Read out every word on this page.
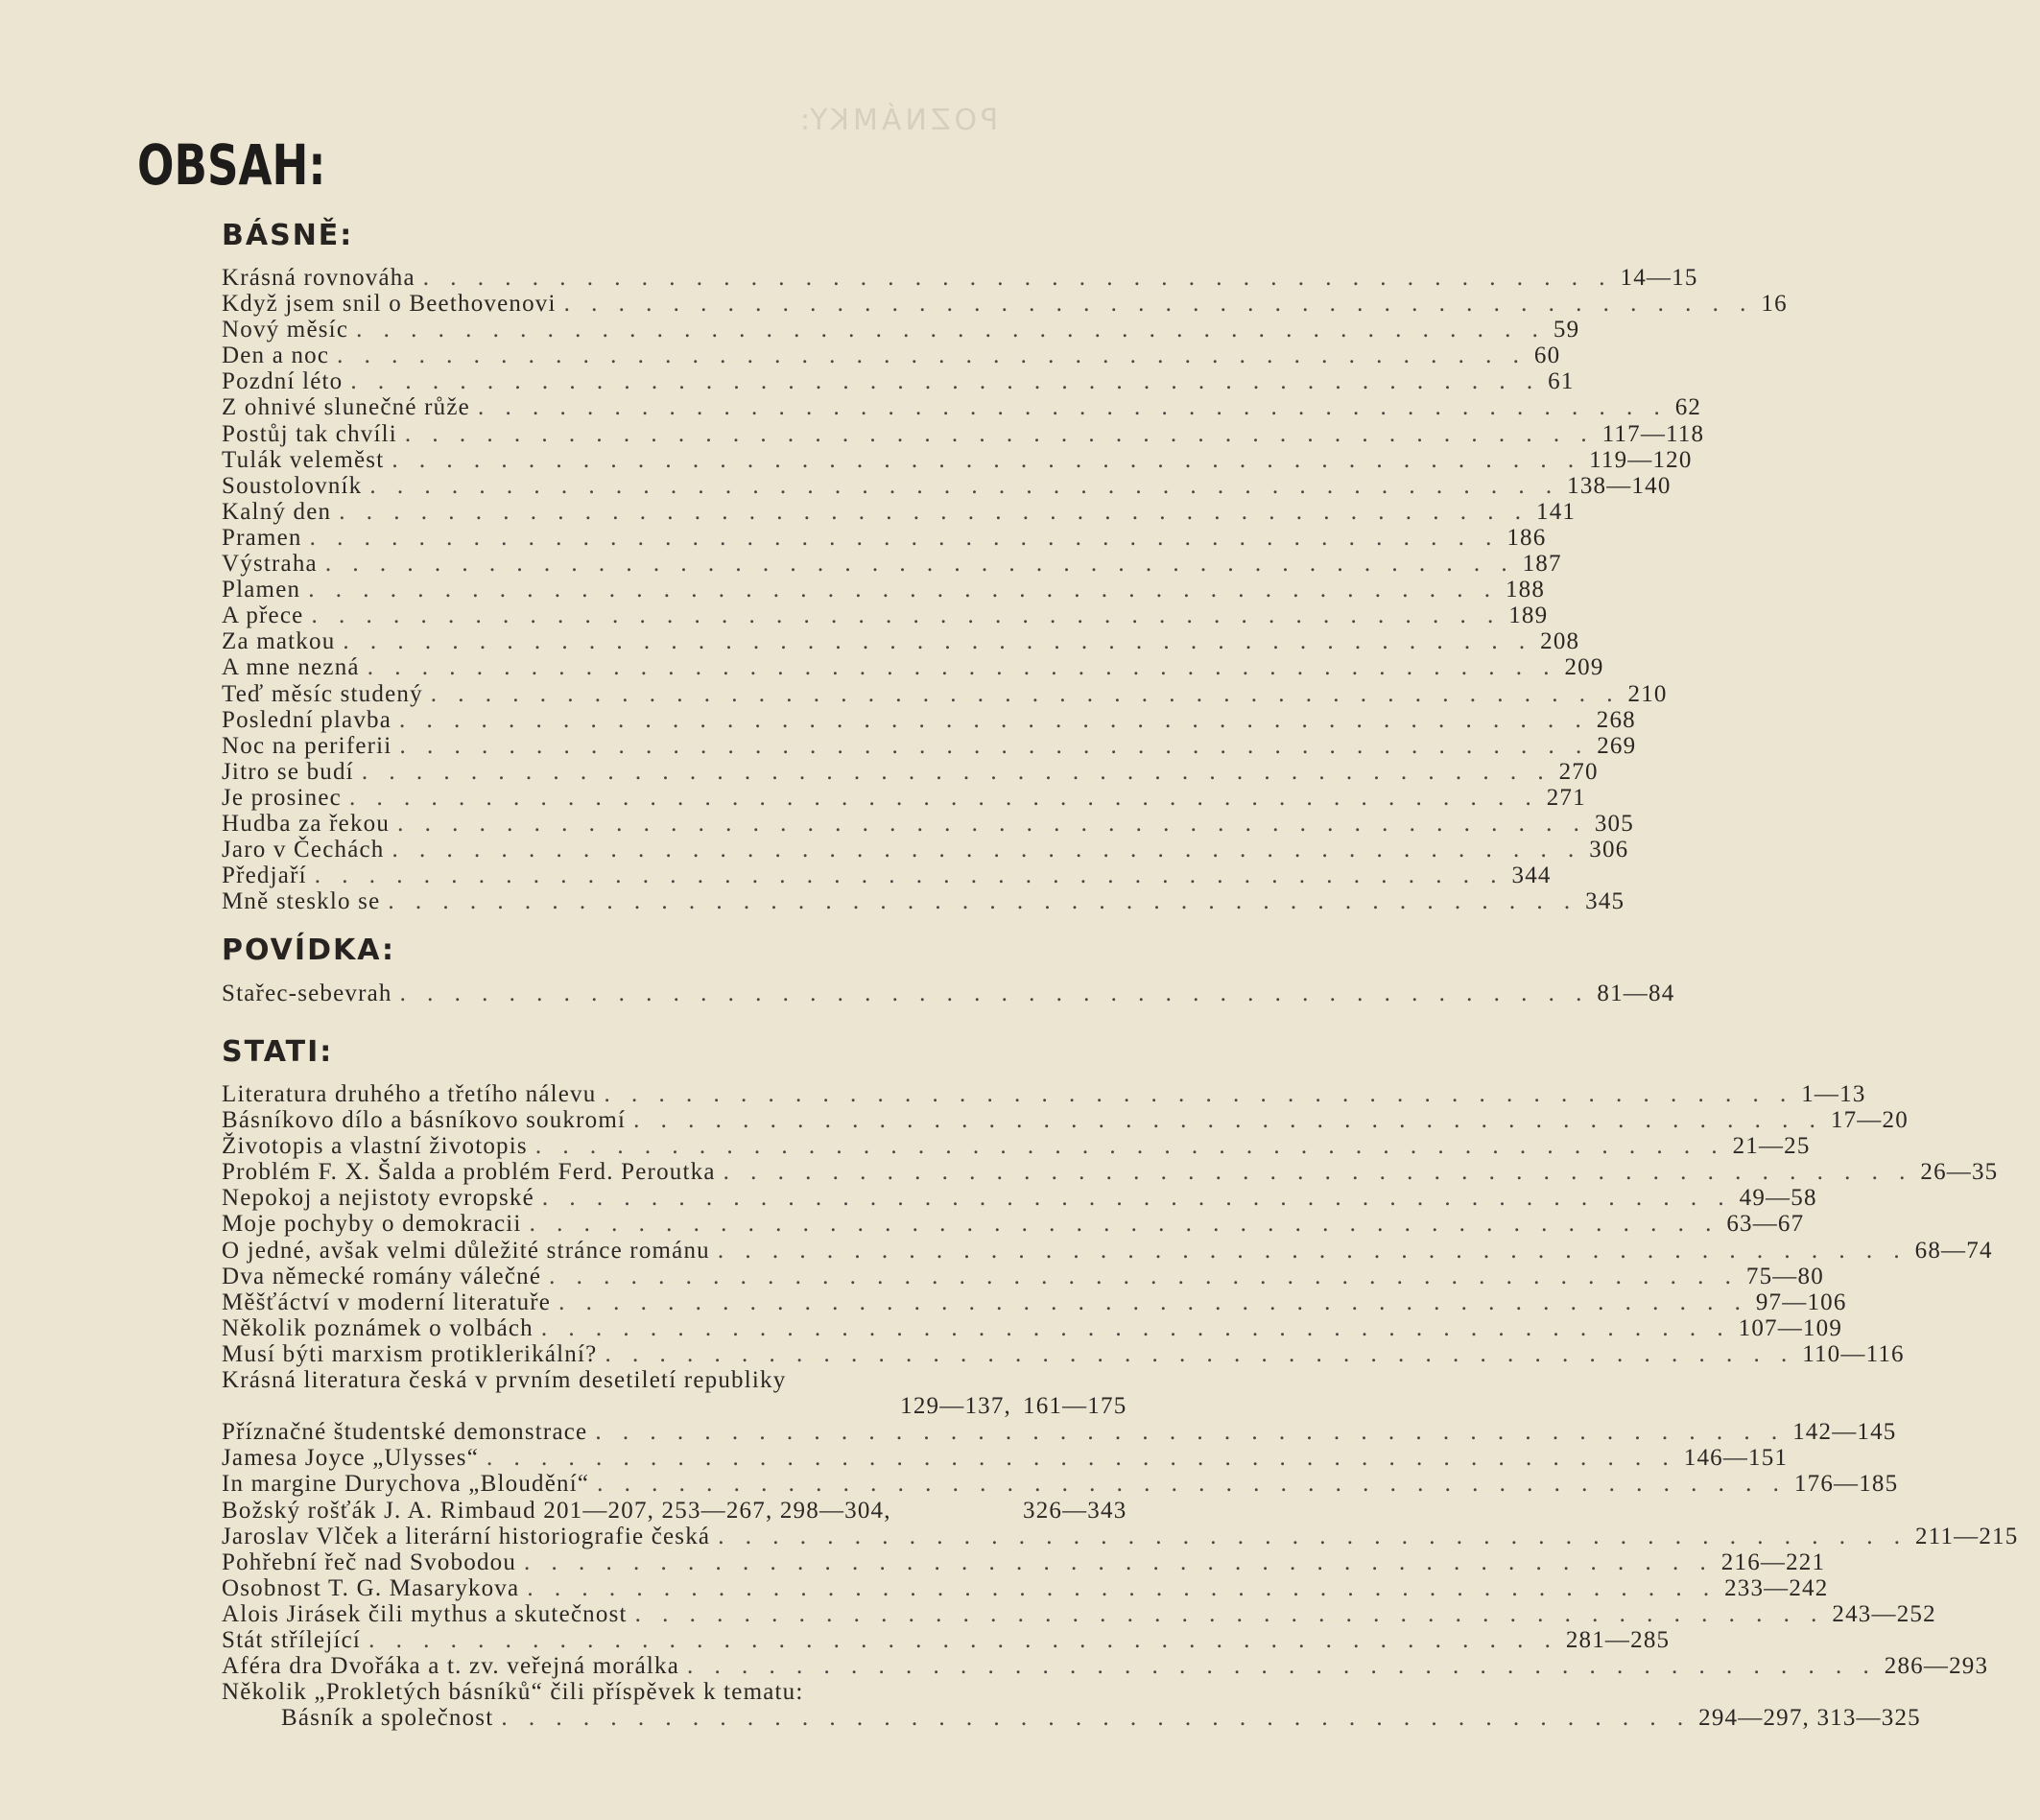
POZNÁMKY:
OBSAH:
BÁSNĚ:
Krásná rovnováha . . . . . . . . . . . . . . . . . . . . . . . . . . . . . . . . . . . . . . . . . . . . 14—15
Když jsem snil o Beethovenovi . . . . . . . . . . . . . . . . . . . . . . . . . . . . . . . . . . . . . . . . . . . . 16
Nový měsíc . . . . . . . . . . . . . . . . . . . . . . . . . . . . . . . . . . . . . . . . . . . . 59
Den a noc . . . . . . . . . . . . . . . . . . . . . . . . . . . . . . . . . . . . . . . . . . . . 60
Pozdní léto . . . . . . . . . . . . . . . . . . . . . . . . . . . . . . . . . . . . . . . . . . . . 61
Z ohnivé slunečné růže . . . . . . . . . . . . . . . . . . . . . . . . . . . . . . . . . . . . . . . . . . . . 62
Postůj tak chvíli . . . . . . . . . . . . . . . . . . . . . . . . . . . . . . . . . . . . . . . . . . . . 117—118
Tulák veleměst . . . . . . . . . . . . . . . . . . . . . . . . . . . . . . . . . . . . . . . . . . . . 119—120
Soustolovník . . . . . . . . . . . . . . . . . . . . . . . . . . . . . . . . . . . . . . . . . . . . 138—140
Kalný den . . . . . . . . . . . . . . . . . . . . . . . . . . . . . . . . . . . . . . . . . . . . 141
Pramen . . . . . . . . . . . . . . . . . . . . . . . . . . . . . . . . . . . . . . . . . . . . 186
Výstraha . . . . . . . . . . . . . . . . . . . . . . . . . . . . . . . . . . . . . . . . . . . . 187
Plamen . . . . . . . . . . . . . . . . . . . . . . . . . . . . . . . . . . . . . . . . . . . . 188
A přece . . . . . . . . . . . . . . . . . . . . . . . . . . . . . . . . . . . . . . . . . . . . 189
Za matkou . . . . . . . . . . . . . . . . . . . . . . . . . . . . . . . . . . . . . . . . . . . . 208
A mne nezná . . . . . . . . . . . . . . . . . . . . . . . . . . . . . . . . . . . . . . . . . . . . 209
Teď měsíc studený . . . . . . . . . . . . . . . . . . . . . . . . . . . . . . . . . . . . . . . . . . . . 210
Poslední plavba . . . . . . . . . . . . . . . . . . . . . . . . . . . . . . . . . . . . . . . . . . . . 268
Noc na periferii . . . . . . . . . . . . . . . . . . . . . . . . . . . . . . . . . . . . . . . . . . . . 269
Jitro se budí . . . . . . . . . . . . . . . . . . . . . . . . . . . . . . . . . . . . . . . . . . . . 270
Je prosinec . . . . . . . . . . . . . . . . . . . . . . . . . . . . . . . . . . . . . . . . . . . . 271
Hudba za řekou . . . . . . . . . . . . . . . . . . . . . . . . . . . . . . . . . . . . . . . . . . . . 305
Jaro v Čechách . . . . . . . . . . . . . . . . . . . . . . . . . . . . . . . . . . . . . . . . . . . . 306
Předjaří . . . . . . . . . . . . . . . . . . . . . . . . . . . . . . . . . . . . . . . . . . . . 344
Mně stesklo se . . . . . . . . . . . . . . . . . . . . . . . . . . . . . . . . . . . . . . . . . . . . 345
POVÍDKA:
Stařec-sebevrah . . . . . . . . . . . . . . . . . . . . . . . . . . . . . . . . . . . . . . . . . . . . 81—84
STATI:
Literatura druhého a třetího nálevu . . . . . . . . . . . . . . . . . . . . . . . . . . . . . . . . . . . . . . . . . . . . 1—13
Básníkovo dílo a básníkovo soukromí . . . . . . . . . . . . . . . . . . . . . . . . . . . . . . . . . . . . . . . . . . . . 17—20
Životopis a vlastní životopis . . . . . . . . . . . . . . . . . . . . . . . . . . . . . . . . . . . . . . . . . . . . 21—25
Problém F. X. Šalda a problém Ferd. Peroutka . . . . . . . . . . . . . . . . . . . . . . . . . . . . . . . . . . . . . . . . . . . . 26—35
Nepokoj a nejistoty evropské . . . . . . . . . . . . . . . . . . . . . . . . . . . . . . . . . . . . . . . . . . . . 49—58
Moje pochyby o demokracii . . . . . . . . . . . . . . . . . . . . . . . . . . . . . . . . . . . . . . . . . . . . 63—67
O jedné, avšak velmi důležité stránce románu . . . . . . . . . . . . . . . . . . . . . . . . . . . . . . . . . . . . . . . . . . . . 68—74
Dva německé romány válečné . . . . . . . . . . . . . . . . . . . . . . . . . . . . . . . . . . . . . . . . . . . . 75—80
Měšťáctví v moderní literatuře . . . . . . . . . . . . . . . . . . . . . . . . . . . . . . . . . . . . . . . . . . . . 97—106
Několik poznámek o volbách . . . . . . . . . . . . . . . . . . . . . . . . . . . . . . . . . . . . . . . . . . . . 107—109
Musí býti marxism protiklerikální? . . . . . . . . . . . . . . . . . . . . . . . . . . . . . . . . . . . . . . . . . . . . 110—116
Krásná literatura česká v prvním desetiletí republiky
129—137, 161—175
Příznačné študentské demonstrace . . . . . . . . . . . . . . . . . . . . . . . . . . . . . . . . . . . . . . . . . . . . 142—145
Jamesa Joyce „Ulysses“ . . . . . . . . . . . . . . . . . . . . . . . . . . . . . . . . . . . . . . . . . . . . 146—151
In margine Durychova „Bloudění“ . . . . . . . . . . . . . . . . . . . . . . . . . . . . . . . . . . . . . . . . . . . . 176—185
Božský rošťák J. A. Rimbaud 201—207, 253—267, 298—304,	326—343
Jaroslav Vlček a literární historiografie česká . . . . . . . . . . . . . . . . . . . . . . . . . . . . . . . . . . . . . . . . . . . . 211—215
Pohřební řeč nad Svobodou . . . . . . . . . . . . . . . . . . . . . . . . . . . . . . . . . . . . . . . . . . . . 216—221
Osobnost T. G. Masarykova . . . . . . . . . . . . . . . . . . . . . . . . . . . . . . . . . . . . . . . . . . . . 233—242
Alois Jirásek čili mythus a skutečnost . . . . . . . . . . . . . . . . . . . . . . . . . . . . . . . . . . . . . . . . . . . . 243—252
Stát střílející . . . . . . . . . . . . . . . . . . . . . . . . . . . . . . . . . . . . . . . . . . . . 281—285
Aféra dra Dvořáka a t. zv. veřejná morálka . . . . . . . . . . . . . . . . . . . . . . . . . . . . . . . . . . . . . . . . . . . . 286—293
Několik „Prokletých básníků“ čili příspěvek k tematu:
Básník a společnost . . . . . . . . . . . . . . . . . . . . . . . . . . . . . . . . . . . . . . . . . . . . 294—297, 313—325
